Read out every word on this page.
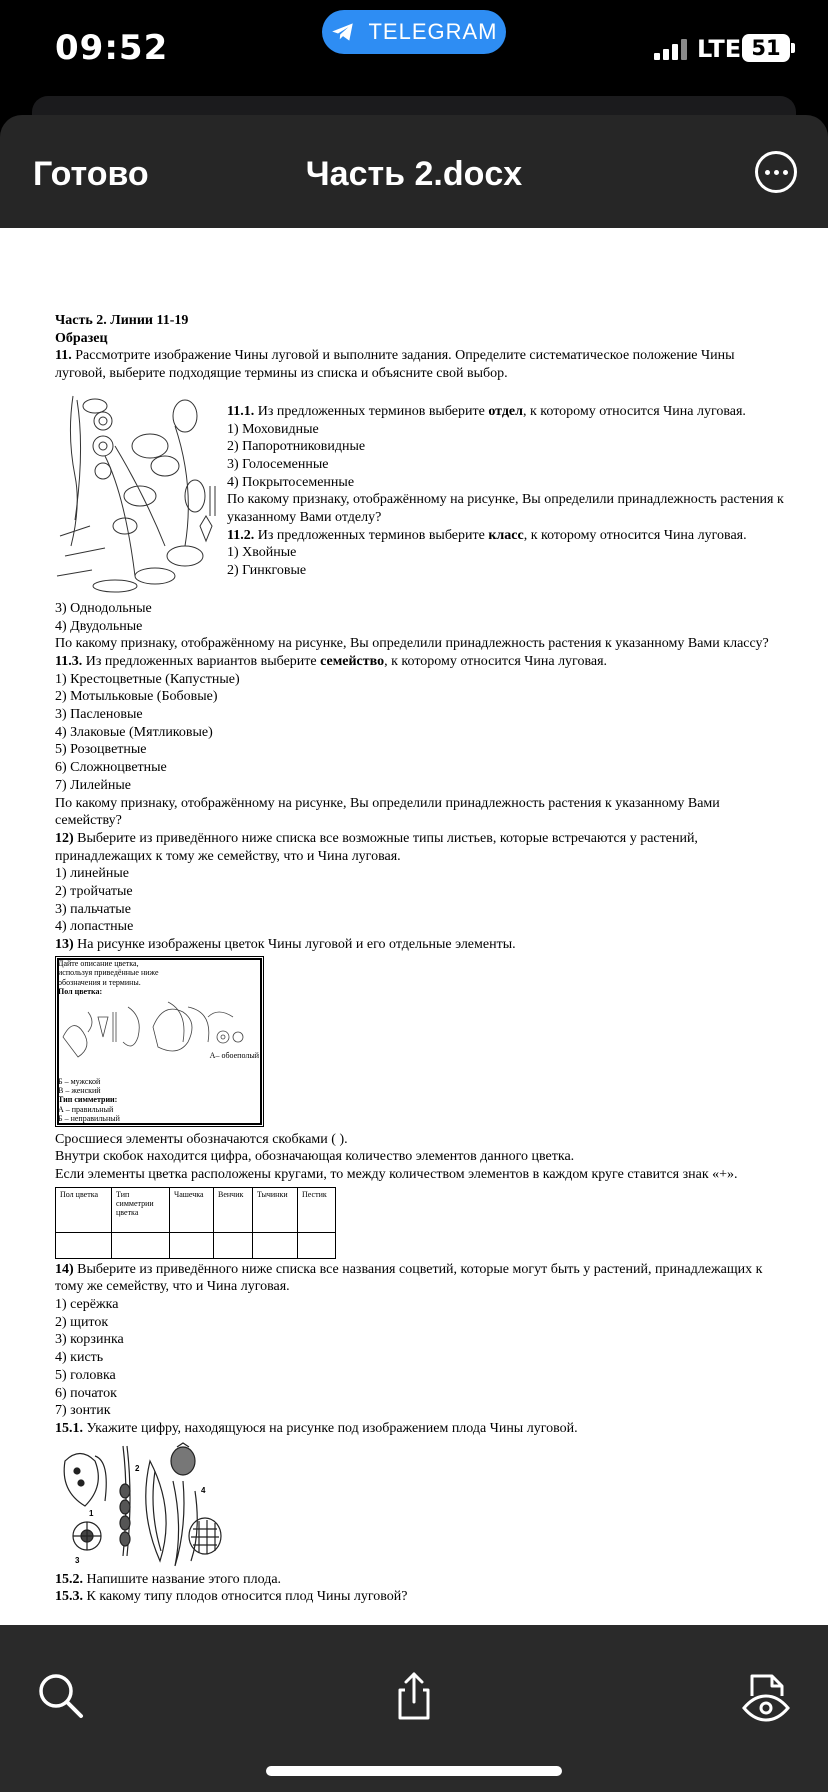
09:52	TELEGRAM
LTE 51
Готово	Часть 2.docx

Часть 2. Линии 11-19

Образец

11. Рассмотрите изображение Чины луговой и выполните задания. Определите систематическое положение Чины луговой, выберите подходящие термины из списка и объясните свой выбор.

11.1. Из предложенных терминов выберите отдел, к которому относится Чина луговая.

1) Моховидные

2) Папоротниковидные

3) Голосеменные

4) Покрытосеменные

По какому признаку, отображённому на рисунке, Вы определили принадлежность растения к указанному Вами отделу?

11.2. Из предложенных терминов выберите класс, к которому относится Чина луговая.

1) Хвойные

2) Гинкговые

3) Однодольные

4) Двудольные

По какому признаку, отображённому на рисунке, Вы определили принадлежность растения к указанному Вами классу?

11.3. Из предложенных вариантов выберите семейство, к которому относится Чина луговая.

1) Крестоцветные (Капустные)

2) Мотыльковые (Бобовые)

3) Пасленовые

4) Злаковые (Мятликовые)

5) Розоцветные

6) Сложноцветные

7) Лилейные

По какому признаку, отображённому на рисунке, Вы определили принадлежность растения к указанному Вами семейству?

12) Выберите из приведённого ниже списка все возможные типы листьев, которые встречаются у растений, принадлежащих к тому же семейству, что и Чина луговая.

1) линейные

2) тройчатые

3) пальчатые

4) лопастные

13) На рисунке изображены цветок Чины луговой и его отдельные элементы.

Дайте описание цветка,
используя приведённые ниже
обозначения и термины.
Пол цветка:
А– обоеполый
Б – мужской
В – женский
Тип симметрии:
А – правильный
Б – неправильный

Сросшиеся элементы обозначаются скобками ( ).

Внутри скобок находится цифра, обозначающая количество элементов данного цветка.

Если элементы цветка расположены кругами, то между количеством элементов в каждом круге ставится знак «+».

Пол цветка	Тип симметрии цветка	Чашечка	Венчик	Тычинки	Пестик

14) Выберите из приведённого ниже списка все названия соцветий, которые могут быть у растений, принадлежащих к тому же семейству, что и Чина луговая.

1) серёжка

2) щиток

3) корзинка

4) кисть

5) головка

6) початок

7) зонтик

15.1. Укажите цифру, находящуюся на рисунке под изображением плода Чины луговой.

1
2
3
4

15.2. Напишите название этого плода.

15.3. К какому типу плодов относится плод Чины луговой?
